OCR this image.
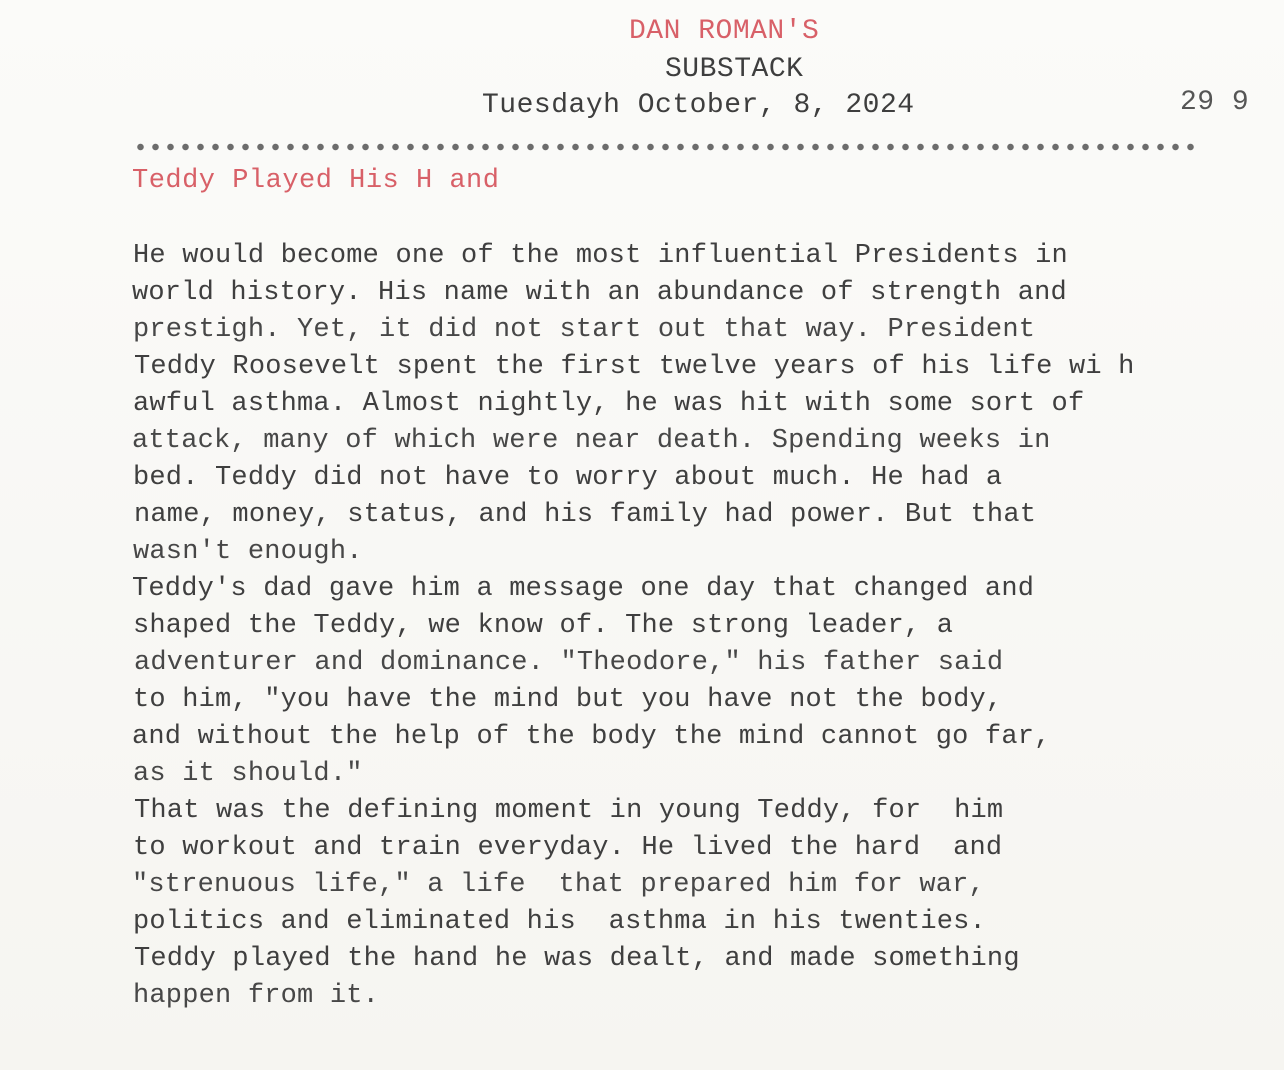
DAN ROMAN'S
SUBSTACK
Tuesdayh October, 8, 2024	29 9
Teddy Played His H and
He would become one of the most influential Presidents in
world history. His name with an abundance of strength and
prestigh. Yet, it did not start out that way. President
Teddy Roosevelt spent the first twelve years of his life wi h
awful asthma. Almost nightly, he was hit with some sort of
attack, many of which were near death. Spending weeks in
bed. Teddy did not have to worry about much. He had a
name, money, status, and his family had power. But that
wasn't enough.
Teddy's dad gave him a message one day that changed and
shaped the Teddy, we know of. The strong leader, a
adventurer and dominance. "Theodore," his father said
to him, "you have the mind but you have not the body,
and without the help of the body the mind cannot go far,
as it should."
That was the defining moment in young Teddy, for  him
to workout and train everyday. He lived the hard  and
"strenuous life," a life  that prepared him for war,
politics and eliminated his  asthma in his twenties.
Teddy played the hand he was dealt, and made something
happen from it.
